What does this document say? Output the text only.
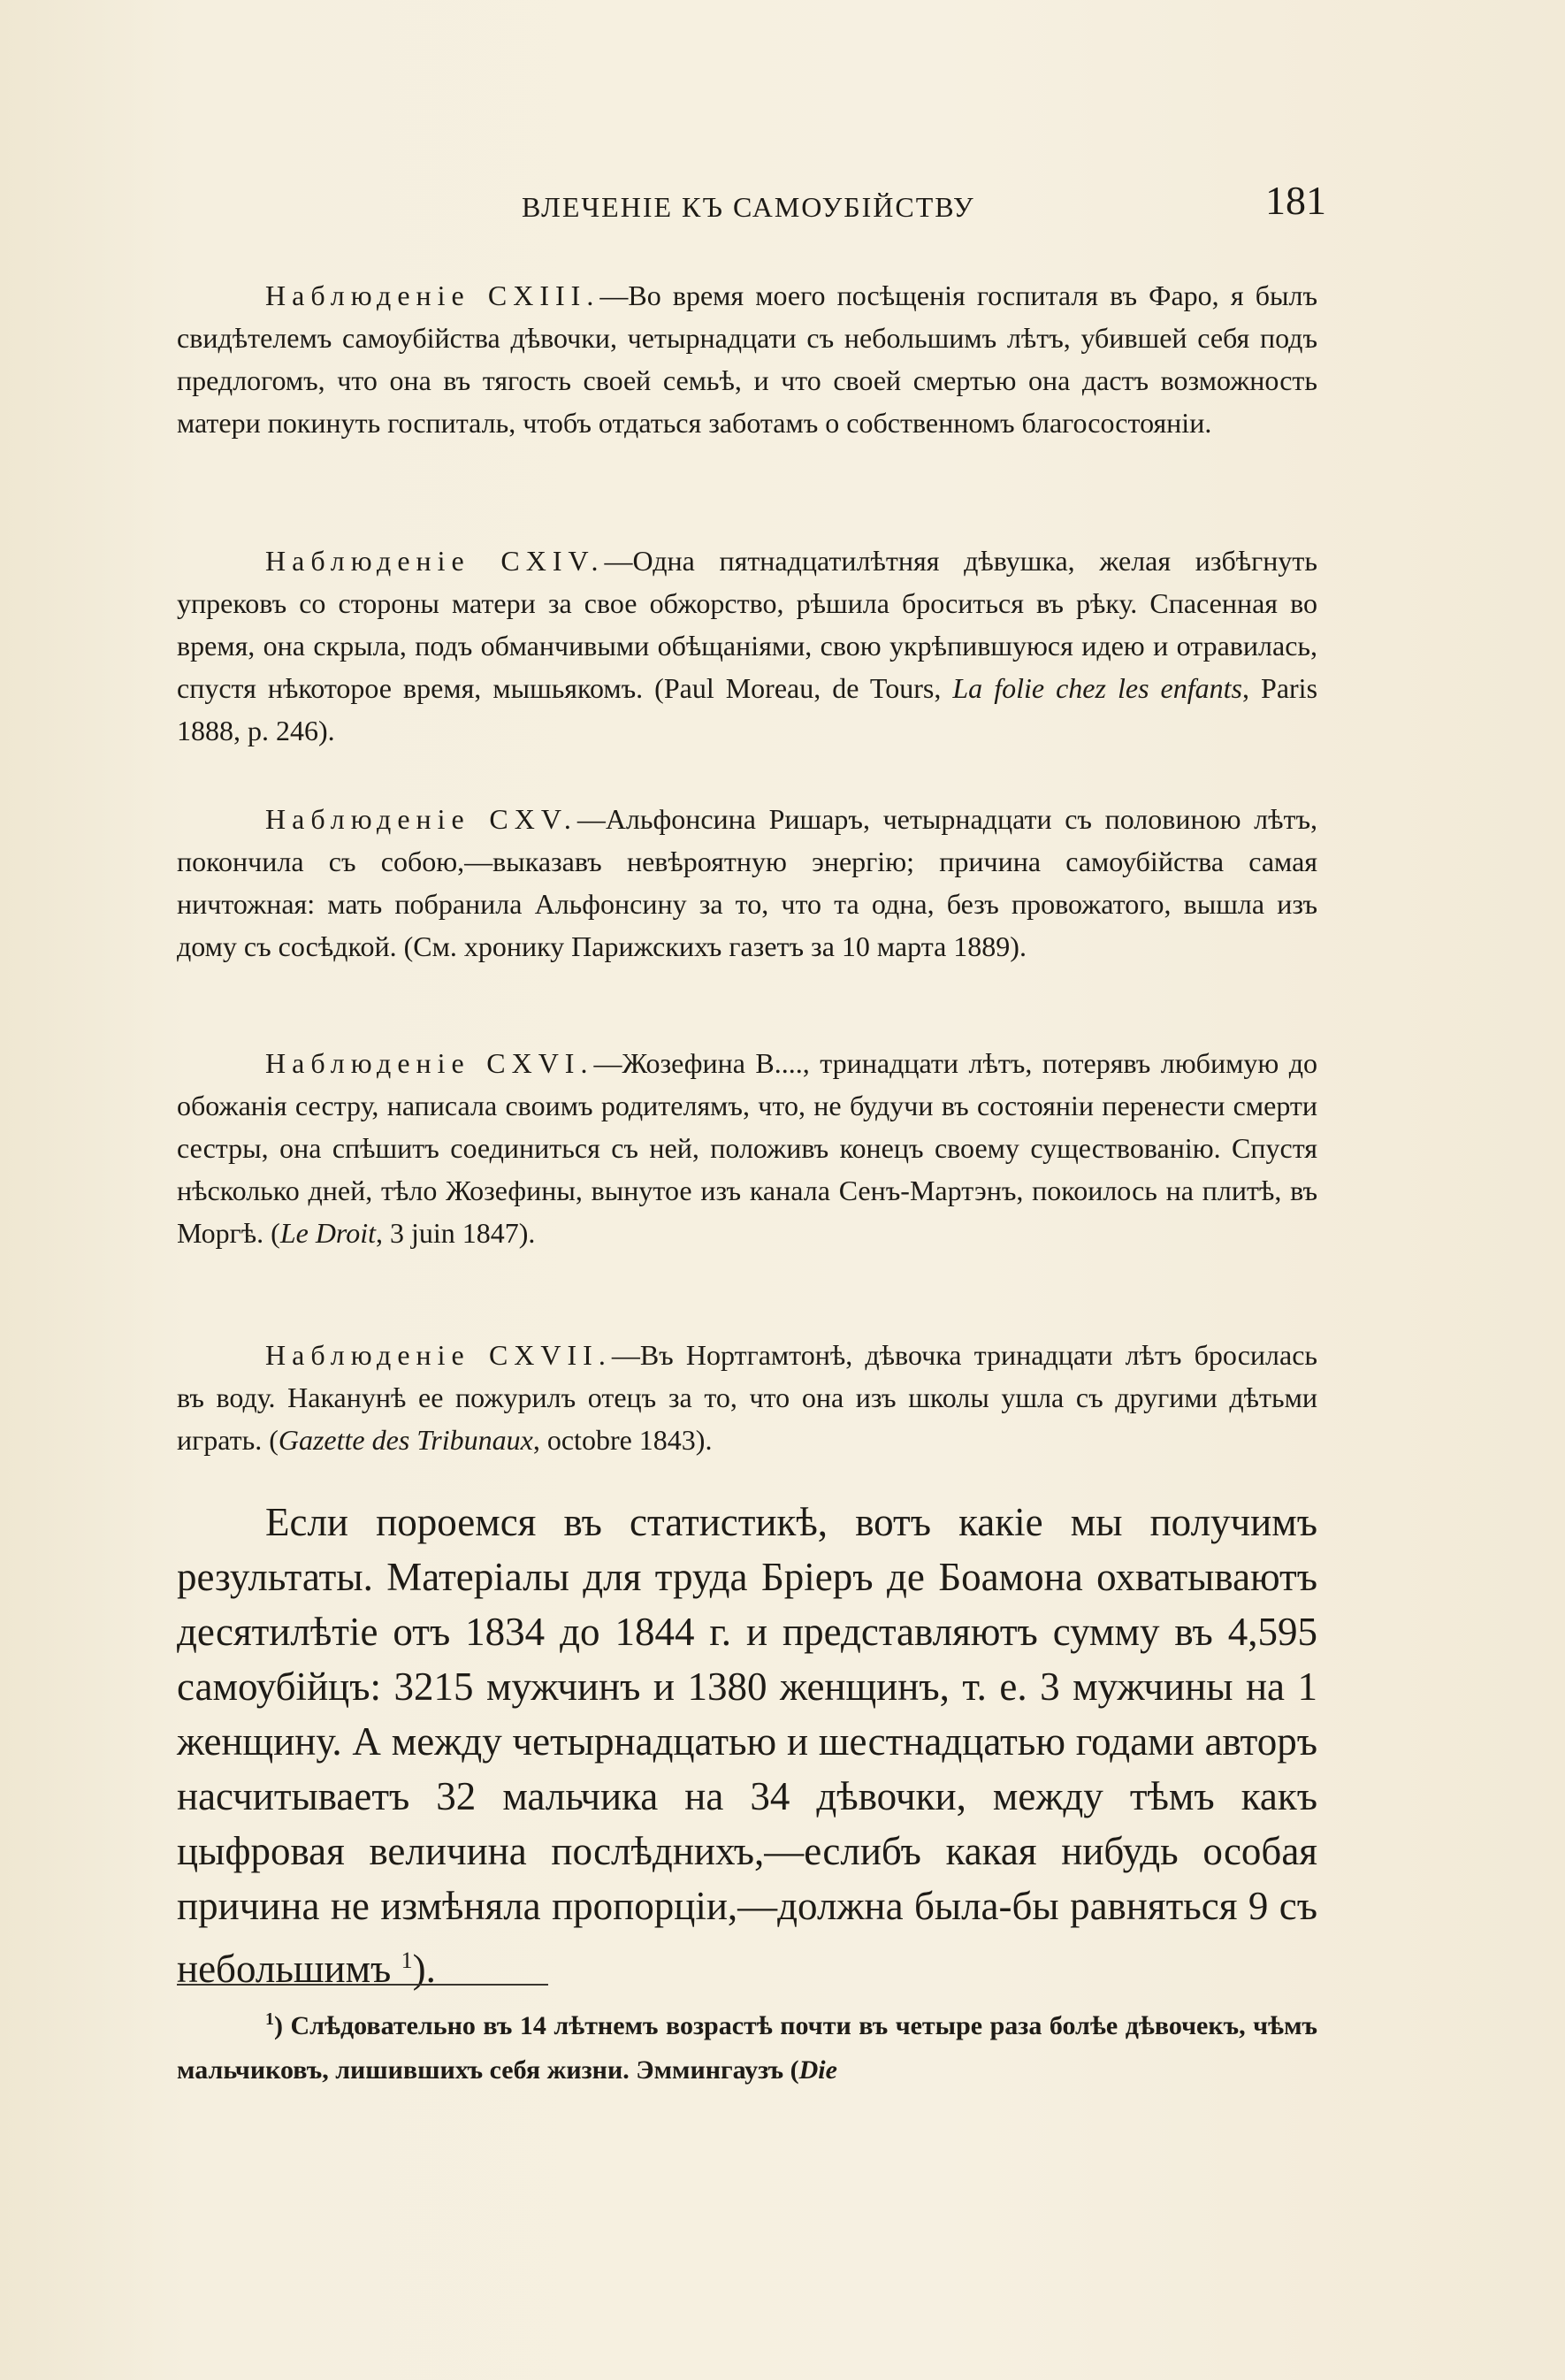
ВЛЕЧЕНІЕ КЪ САМОУБІЙСТВУ	181

Наблюденіе CXIII.—Во время моего посѣщенія госпиталя въ Фаро, я былъ свидѣтелемъ самоубійства дѣвочки, четырнадцати съ небольшимъ лѣтъ, убившей себя подъ предлогомъ, что она въ тягость своей семьѣ, и что своей смертью она дастъ возможность матери покинуть госпиталь, чтобъ отдаться заботамъ о собственномъ благосостояніи.

Наблюденіе CXIV.—Одна пятнадцатилѣтняя дѣвушка, желая избѣгнуть упрековъ со стороны матери за свое обжорство, рѣшила броситься въ рѣку. Спасенная во время, она скрыла, подъ обманчивыми обѣщаніями, свою укрѣпившуюся идею и отравилась, спустя нѣкоторое время, мышьякомъ. (Paul Moreau, de Tours, La folie chez les enfants, Paris 1888, p. 246).

Наблюденіе CXV.—Альфонсина Ришаръ, четырнадцати съ половиною лѣтъ, покончила съ собою,—выказавъ невѣроятную энергію; причина самоубійства самая ничтожная: мать побранила Альфонсину за то, что та одна, безъ провожатого, вышла изъ дому съ сосѣдкой. (См. хронику Парижскихъ газетъ за 10 марта 1889).

Наблюденіе CXVI.—Жозефина В...., тринадцати лѣтъ, потерявъ любимую до обожанія сестру, написала своимъ родителямъ, что, не будучи въ состояніи перенести смерти сестры, она спѣшитъ соединиться съ ней, положивъ конецъ своему существованію. Спустя нѣсколько дней, тѣло Жозефины, вынутое изъ канала Сенъ-Мартэнъ, покоилось на плитѣ, въ Моргѣ. (Le Droit, 3 juin 1847).

Наблюденіе CXVII.—Въ Нортгамтонѣ, дѣвочка тринадцати лѣтъ бросилась въ воду. Наканунѣ ее пожурилъ отецъ за то, что она изъ школы ушла съ другими дѣтьми играть. (Gazette des Tribunaux, octobre 1843).

Если пороемся въ статистикѣ, вотъ какіе мы получимъ результаты. Матеріалы для труда Бріеръ де Боамона охватываютъ десятилѣтіе отъ 1834 до 1844 г. и представляютъ сумму въ 4,595 самоубійцъ: 3215 мужчинъ и 1380 женщинъ, т. е. 3 мужчины на 1 женщину. А между четырнадцатью и шестнадцатью годами авторъ насчитываетъ 32 мальчика на 34 дѣвочки, между тѣмъ какъ цыфровая величина послѣднихъ,—еслибъ какая нибудь особая причина не измѣняла пропорціи,—должна была-бы равняться 9 съ небольшимъ $^1$).

$^1$) Слѣдовательно въ 14 лѣтнемъ возрастѣ почти въ четыре раза болѣе дѣвочекъ, чѣмъ мальчиковъ, лишившихъ себя жизни. Эммингаузъ (Die
